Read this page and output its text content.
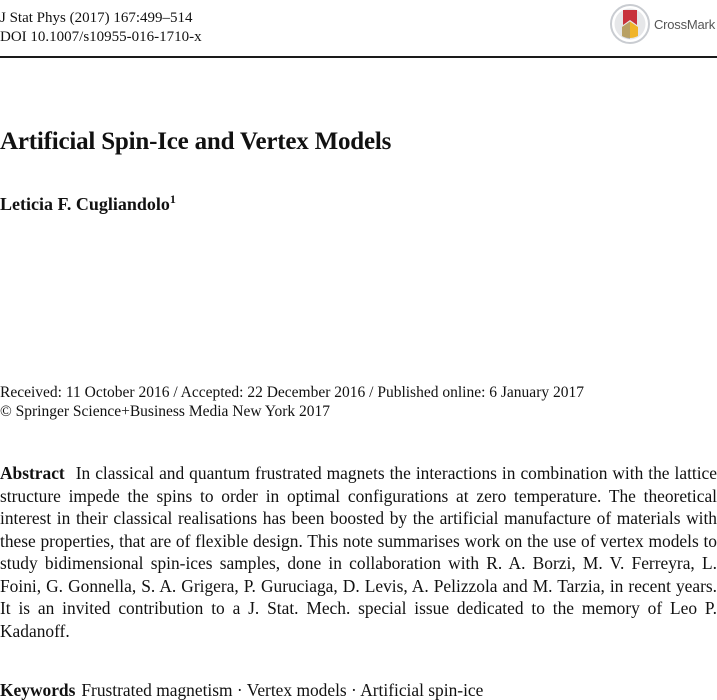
J Stat Phys (2017) 167:499–514
DOI 10.1007/s10955-016-1710-x
CrossMark
Artificial Spin-Ice and Vertex Models
Leticia F. Cugliandolo$^1$
Received: 11 October 2016 / Accepted: 22 December 2016 / Published online: 6 January 2017
© Springer Science+Business Media New York 2017

Abstract In classical and quantum frustrated magnets the interactions in combination with the lattice structure impede the spins to order in optimal configurations at zero temperature. The theoretical interest in their classical realisations has been boosted by the artificial manufacture of materials with these properties, that are of flexible design. This note summarises work on the use of vertex models to study bidimensional spin-ices samples, done in collaboration with R. A. Borzi, M. V. Ferreyra, L. Foini, G. Gonnella, S. A. Grigera, P. Guruciaga, D. Levis, A. Pelizzola and M. Tarzia, in recent years. It is an invited contribution to a J. Stat. Mech. special issue dedicated to the memory of Leo P. Kadanoff.

Keywords Frustrated magnetism · Vertex models · Artificial spin-ice
